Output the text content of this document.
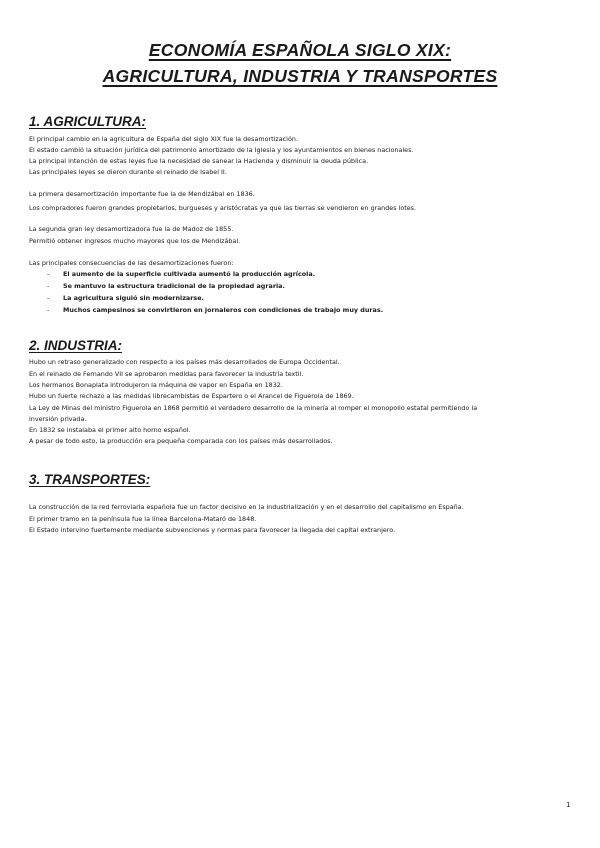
ECONOMÍA ESPAÑOLA SIGLO XIX:
AGRICULTURA, INDUSTRIA Y TRANSPORTES
1. AGRICULTURA:

El principal cambio en la agricultura de España del siglo XIX fue la desamortización.

El estado cambió la situación jurídica del patrimonio amortizado de la Iglesia y los ayuntamientos en bienes nacionales.

La principal intención de estas leyes fue la necesidad de sanear la Hacienda y disminuir la deuda pública.

Las principales leyes se dieron durante el reinado de Isabel II.

La primera desamortización importante fue la de Mendizábal en 1836.

Los compradores fueron grandes propietarios, burgueses y aristócratas ya que las tierras se vendieron en grandes lotes.

La segunda gran ley desamortizadora fue la de Madoz de 1855.

Permitió obtener ingresos mucho mayores que los de Mendizábal.

Las principales consecuencias de las desamortizaciones fueron:

- El aumento de la superficie cultivada aumentó la producción agrícola.

- Se mantuvo la estructura tradicional de la propiedad agraria.

- La agricultura siguió sin modernizarse.

- Muchos campesinos se convirtieron en jornaleros con condiciones de trabajo muy duras.

2. INDUSTRIA:

Hubo un retraso generalizado con respecto a los países más desarrollados de Europa Occidental.

En el reinado de Fernando VII se aprobaron medidas para favorecer la industria textil.

Los hermanos Bonaplata introdujeron la máquina de vapor en España en 1832.

Hubo un fuerte rechazo a las medidas librecambistas de Espartero o el Arancel de Figuerola de 1869.

La Ley de Minas del ministro Figuerola en 1868 permitió el verdadero desarrollo de la minería al romper el monopolio estatal permitiendo la

inversión privada.

En 1832 se instalaba el primer alto horno español.

A pesar de todo esto, la producción era pequeña comparada con los países más desarrollados.

3. TRANSPORTES:

La construcción de la red ferroviaria española fue un factor decisivo en la industrialización y en el desarrollo del capitalismo en España.

El primer tramo en la península fue la línea Barcelona-Mataró de 1848.

El Estado intervino fuertemente mediante subvenciones y normas para favorecer la llegada del capital extranjero.

1
